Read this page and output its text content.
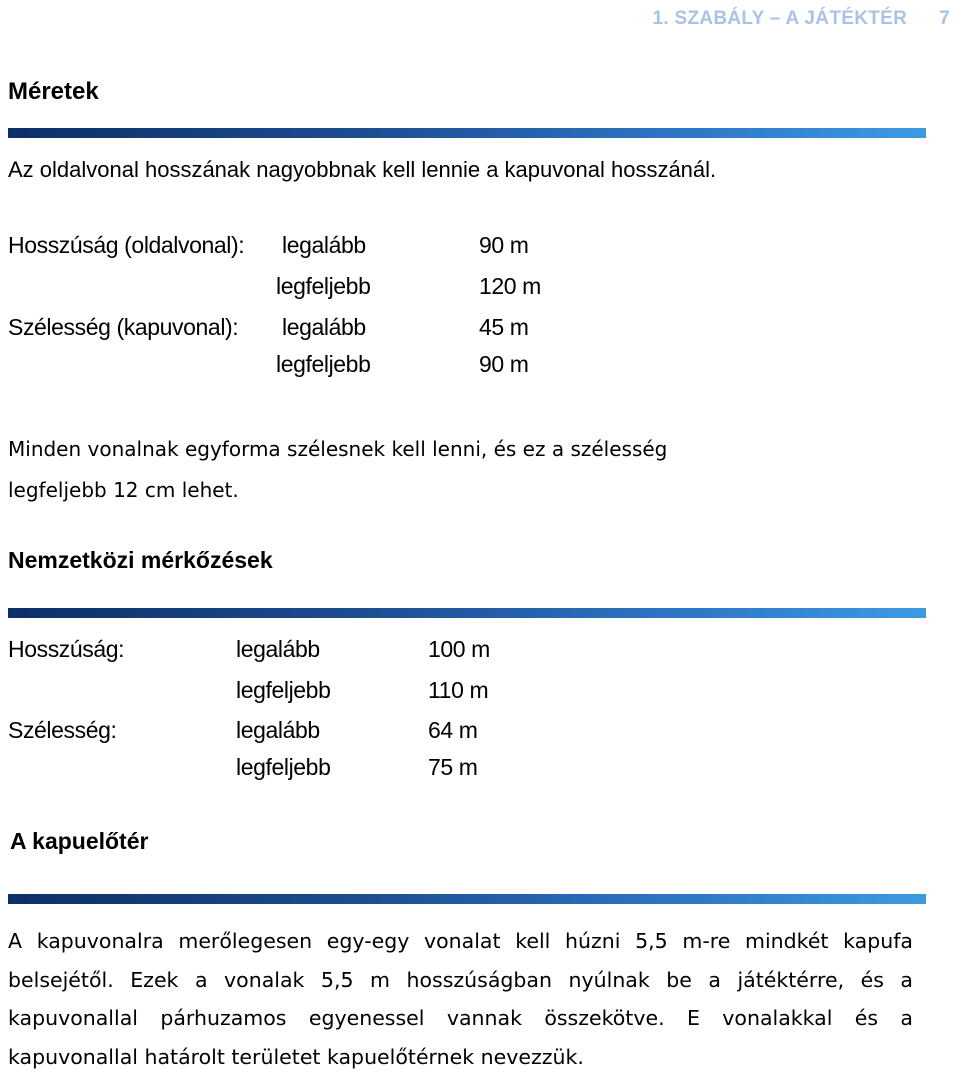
1. SZABÁLY – A JÁTÉKTÉR 7
Méretek
Az oldalvonal hosszának nagyobbnak kell lennie a kapuvonal hosszánál.
Hosszúság (oldalvonal): legalább	90 m
legfeljebb	120 m
Szélesség (kapuvonal): legalább	45 m
legfeljebb	90 m
Minden vonalnak egyforma szélesnek kell lenni, és ez a szélesség
legfeljebb 12 cm lehet.
Nemzetközi mérkőzések
Hosszúság:	legalább	100 m
legfeljebb	110 m
Szélesség:	legalább	64 m
legfeljebb	75 m
A kapuelőtér
A kapuvonalra merőlegesen egy-egy vonalat kell húzni 5,5 m-re mindkét kapufa belsejétől. Ezek a vonalak 5,5 m hosszúságban nyúlnak be a játéktérre, és a kapuvonallal párhuzamos egyenessel vannak összekötve. E vonalakkal és a kapuvonallal határolt területet kapuelőtérnek nevezzük.
